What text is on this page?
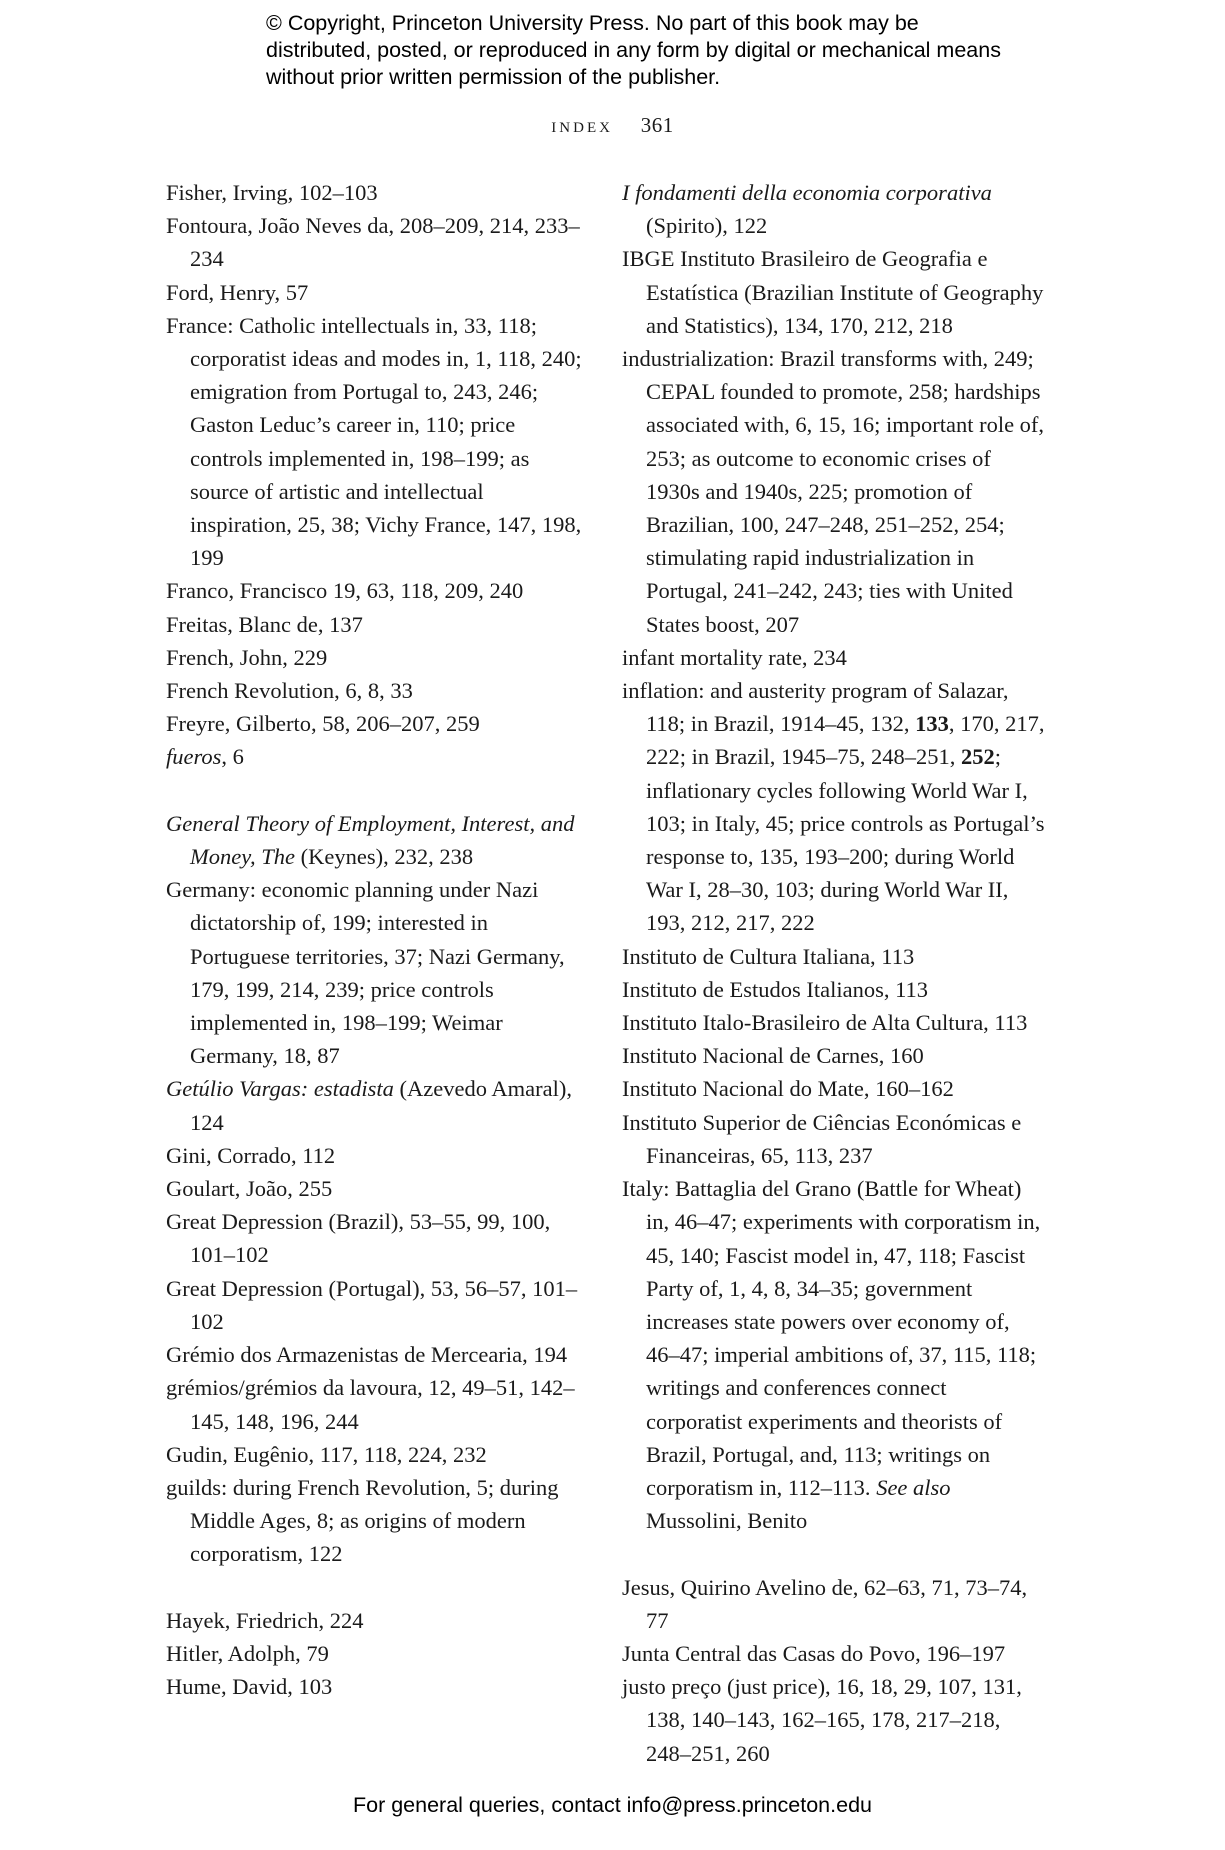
© Copyright, Princeton University Press. No part of this book may be distributed, posted, or reproduced in any form by digital or mechanical means without prior written permission of the publisher.
index 361
Fisher, Irving, 102–103
Fontoura, João Neves da, 208–209, 214, 233–234
Ford, Henry, 57
France: Catholic intellectuals in, 33, 118; corporatist ideas and modes in, 1, 118, 240; emigration from Portugal to, 243, 246; Gaston Leduc’s career in, 110; price controls implemented in, 198–199; as source of artistic and intellectual inspiration, 25, 38; Vichy France, 147, 198, 199
Franco, Francisco 19, 63, 118, 209, 240
Freitas, Blanc de, 137
French, John, 229
French Revolution, 6, 8, 33
Freyre, Gilberto, 58, 206–207, 259
fueros, 6
General Theory of Employment, Interest, and Money, The (Keynes), 232, 238
Germany: economic planning under Nazi dictatorship of, 199; interested in Portuguese territories, 37; Nazi Germany, 179, 199, 214, 239; price controls implemented in, 198–199; Weimar Germany, 18, 87
Getúlio Vargas: estadista (Azevedo Amaral), 124
Gini, Corrado, 112
Goulart, João, 255
Great Depression (Brazil), 53–55, 99, 100, 101–102
Great Depression (Portugal), 53, 56–57, 101–102
Grémio dos Armazenistas de Mercearia, 194
grémios/grémios da lavoura, 12, 49–51, 142–145, 148, 196, 244
Gudin, Eugênio, 117, 118, 224, 232
guilds: during French Revolution, 5; during Middle Ages, 8; as origins of modern corporatism, 122
Hayek, Friedrich, 224
Hitler, Adolph, 79
Hume, David, 103
I fondamenti della economia corporativa (Spirito), 122
IBGE Instituto Brasileiro de Geografia e Estatística (Brazilian Institute of Geography and Statistics), 134, 170, 212, 218
industrialization: Brazil transforms with, 249; CEPAL founded to promote, 258; hardships associated with, 6, 15, 16; important role of, 253; as outcome to economic crises of 1930s and 1940s, 225; promotion of Brazilian, 100, 247–248, 251–252, 254; stimulating rapid industrialization in Portugal, 241–242, 243; ties with United States boost, 207
infant mortality rate, 234
inflation: and austerity program of Salazar, 118; in Brazil, 1914–45, 132, 133, 170, 217, 222; in Brazil, 1945–75, 248–251, 252; inflationary cycles following World War I, 103; in Italy, 45; price controls as Portugal’s response to, 135, 193–200; during World War I, 28–30, 103; during World War II, 193, 212, 217, 222
Instituto de Cultura Italiana, 113
Instituto de Estudos Italianos, 113
Instituto Italo-Brasileiro de Alta Cultura, 113
Instituto Nacional de Carnes, 160
Instituto Nacional do Mate, 160–162
Instituto Superior de Ciências Económicas e Financeiras, 65, 113, 237
Italy: Battaglia del Grano (Battle for Wheat) in, 46–47; experiments with corporatism in, 45, 140; Fascist model in, 47, 118; Fascist Party of, 1, 4, 8, 34–35; government increases state powers over economy of, 46–47; imperial ambitions of, 37, 115, 118; writings and conferences connect corporatist experiments and theorists of Brazil, Portugal, and, 113; writings on corporatism in, 112–113. See also Mussolini, Benito
Jesus, Quirino Avelino de, 62–63, 71, 73–74, 77
Junta Central das Casas do Povo, 196–197
justo preço (just price), 16, 18, 29, 107, 131, 138, 140–143, 162–165, 178, 217–218, 248–251, 260
For general queries, contact info@press.princeton.edu
